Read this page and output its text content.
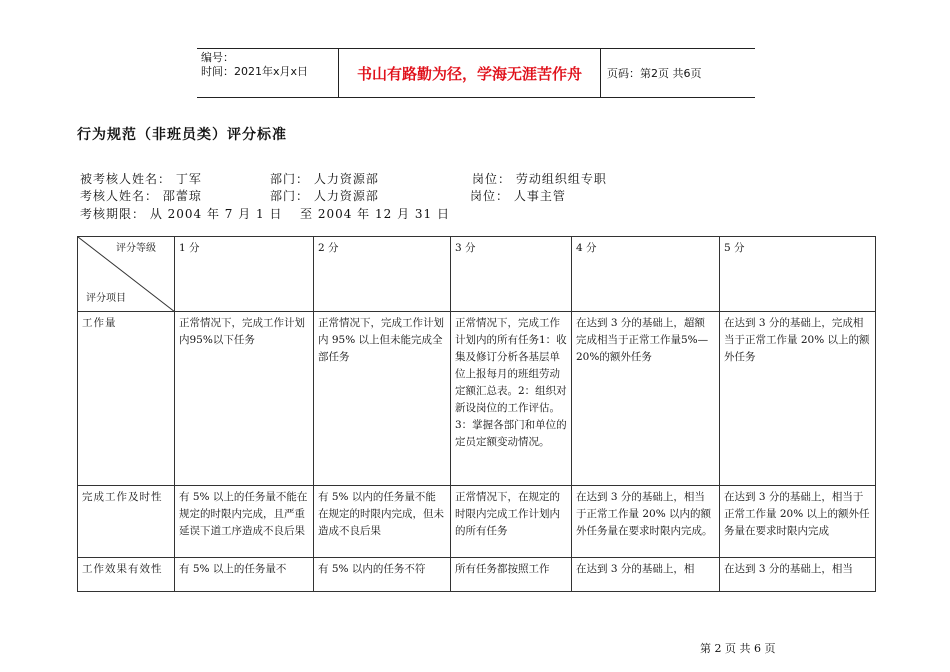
编号：
时间：2021年x月x日	书山有路勤为径，学海无涯苦作舟	页码：第2页 共6页
行为规范（非班员类）评分标准
被考核人姓名： 丁军	部门： 人力资源部	岗位： 劳动组织组专职
考核人姓名： 邵蕾琼	部门： 人力资源部	岗位： 人事主管
考核期限： 从 2004 年 7 月 1 日 至 2004 年 12 月 31 日
评分等级
评分项目	1 分	2 分	3 分	4 分	5 分
工作量	正常情况下，完成工作计划内95%以下任务	正常情况下，完成工作计划内 95% 以上但未能完成全部任务	正常情况下，完成工作计划内的所有任务1：收集及修订分析各基层单位上报每月的班组劳动定额汇总表。2：组织对新设岗位的工作评估。3：掌握各部门和单位的定员定额变动情况。	在达到 3 分的基础上，超额完成相当于正常工作量5%—20%的额外任务	在达到 3 分的基础上，完成相当于正常工作量 20% 以上的额外任务
完成工作及时性	有 5% 以上的任务量不能在规定的时限内完成，且严重延误下道工序造成不良后果	有 5% 以内的任务量不能在规定的时限内完成，但未造成不良后果	正常情况下，在规定的时限内完成工作计划内的所有任务	在达到 3 分的基础上，相当于正常工作量 20% 以内的额外任务量在要求时限内完成。	在达到 3 分的基础上，相当于正常工作量 20% 以上的额外任务量在要求时限内完成
工作效果有效性	有 5% 以上的任务量不	有 5% 以内的任务不符	所有任务都按照工作	在达到 3 分的基础上，相	在达到 3 分的基础上，相当
第 2 页 共 6 页
